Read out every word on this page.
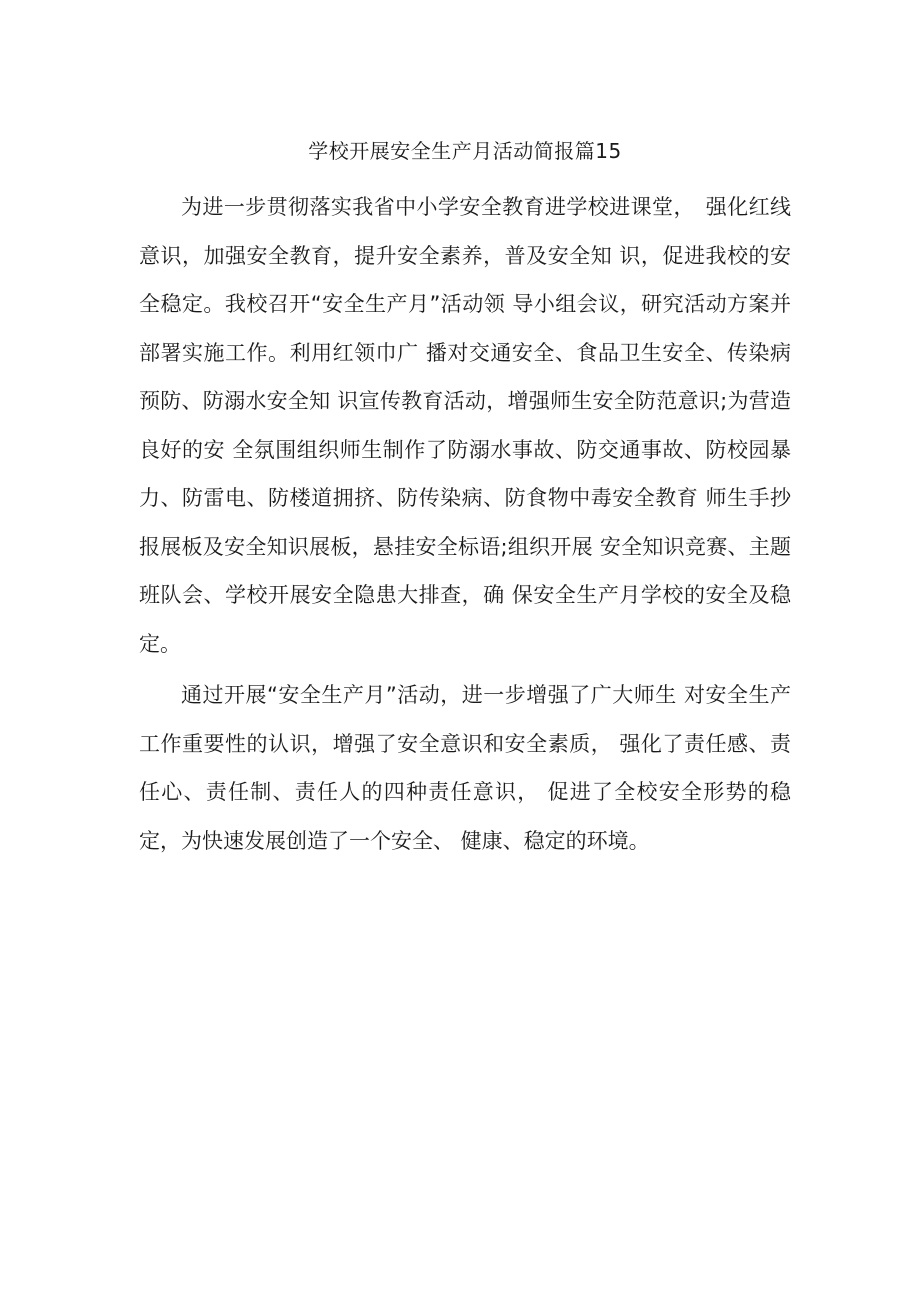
学校开展安全生产月活动简报篇15

为进一步贯彻落实我省中小学安全教育进学校进课堂，　强化红线意识，加强安全教育，提升安全素养，普及安全知 识，促进我校的安全稳定。我校召开“安全生产月”活动领 导小组会议，研究活动方案并部署实施工作。利用红领巾广 播对交通安全、食品卫生安全、传染病预防、防溺水安全知 识宣传教育活动，增强师生安全防范意识;为营造良好的安 全氛围组织师生制作了防溺水事故、防交通事故、防校园暴 力、防雷电、防楼道拥挤、防传染病、防食物中毒安全教育 师生手抄报展板及安全知识展板，悬挂安全标语;组织开展 安全知识竞赛、主题班队会、学校开展安全隐患大排查，确 保安全生产月学校的安全及稳定。

通过开展“安全生产月”活动，进一步增强了广大师生 对安全生产工作重要性的认识，增强了安全意识和安全素质， 强化了责任感、责任心、责任制、责任人的四种责任意识， 促进了全校安全形势的稳定，为快速发展创造了一个安全、 健康、稳定的环境。
